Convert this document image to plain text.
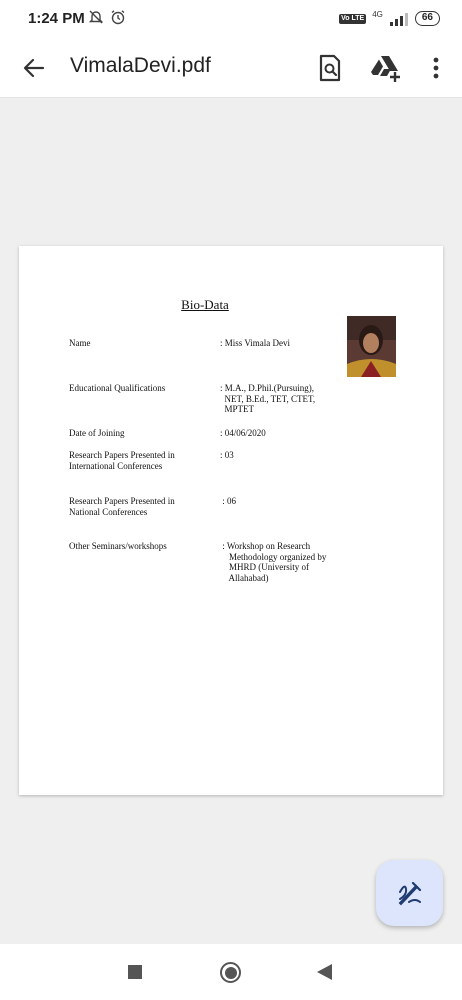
1:24 PM	Vo LTE 4G	66
VimalaDevi.pdf
Bio-Data
Name	: Miss Vimala Devi
Educational Qualifications	: M.A., D.Phil.(Pursuing),
NET, B.Ed., TET, CTET,
MPTET
Date of Joining	: 04/06/2020
Research Papers Presented in
International Conferences
: 03
Research Papers Presented in
National Conferences
: 06
Other Seminars/workshops	: Workshop on Research
Methodology organized by
MHRD (University of
Allahabad)
